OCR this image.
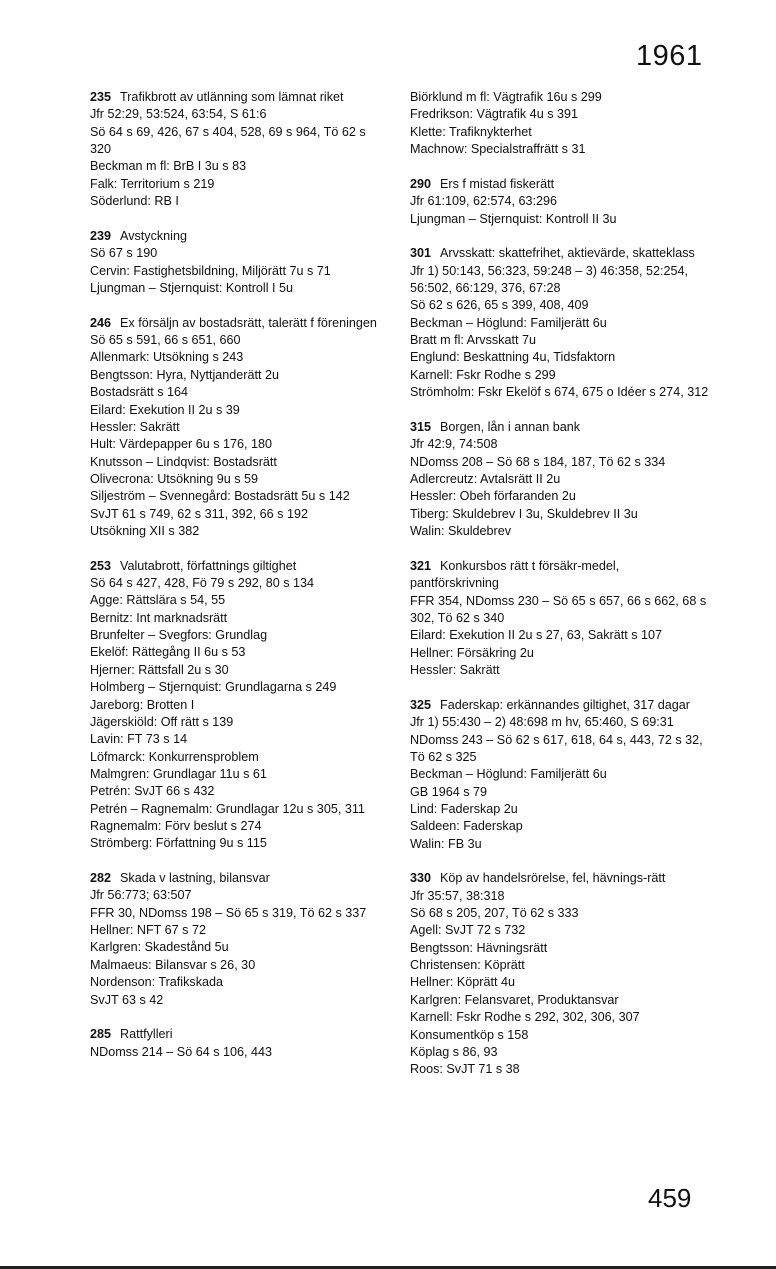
1961
235 Trafikbrott av utlänning som lämnat riket
Jfr 52:29, 53:524, 63:54, S 61:6
Sö 64 s 69, 426, 67 s 404, 528, 69 s 964, Tö 62 s 320
Beckman m fl: BrB I 3u s 83
Falk: Territorium s 219
Söderlund: RB I
239 Avstyckning
Sö 67 s 190
Cervin: Fastighetsbildning, Miljörätt 7u s 71
Ljungman – Stjernquist: Kontroll I 5u
246 Ex försäljn av bostadsrätt, talerätt f föreningen
Sö 65 s 591, 66 s 651, 660
Allenmark: Utsökning s 243
Bengtsson: Hyra, Nyttjanderätt 2u
Bostadsrätt s 164
Eilard: Exekution II 2u s 39
Hessler: Sakrätt
Hult: Värdepapper 6u s 176, 180
Knutsson – Lindqvist: Bostadsrätt
Olivecrona: Utsökning 9u s 59
Siljeström – Svennegård: Bostadsrätt 5u s 142
SvJT 61 s 749, 62 s 311, 392, 66 s 192
Utsökning XII s 382
253 Valutabrott, författnings giltighet
Sö 64 s 427, 428, Fö 79 s 292, 80 s 134
Agge: Rättslära s 54, 55
Bernitz: Int marknadsrätt
Brunfelter – Svegfors: Grundlag
Ekelöf: Rättegång II 6u s 53
Hjerner: Rättsfall 2u s 30
Holmberg – Stjernquist: Grundlagarna s 249
Jareborg: Brotten I
Jägerskiöld: Off rätt s 139
Lavin: FT 73 s 14
Löfmarck: Konkurrensproblem
Malmgren: Grundlagar 11u s 61
Petrén: SvJT 66 s 432
Petrén – Ragnemalm: Grundlagar 12u s 305, 311
Ragnemalm: Förv beslut s 274
Strömberg: Författning 9u s 115
282 Skada v lastning, bilansvar
Jfr 56:773; 63:507
FFR 30, NDomss 198 – Sö 65 s 319, Tö 62 s 337
Hellner: NFT 67 s 72
Karlgren: Skadestånd 5u
Malmaeus: Bilansvar s 26, 30
Nordenson: Trafikskada
SvJT 63 s 42
285 Rattfylleri
NDomss 214 – Sö 64 s 106, 443
Biörklund m fl: Vägtrafik 16u s 299
Fredrikson: Vägtrafik 4u s 391
Klette: Trafiknykterhet
Machnow: Specialstraffrätt s 31
290 Ers f mistad fiskerätt
Jfr 61:109, 62:574, 63:296
Ljungman – Stjernquist: Kontroll II 3u
301 Arvsskatt: skattefrihet, aktievärde, skatteklass
Jfr 1) 50:143, 56:323, 59:248 – 3) 46:358, 52:254, 56:502, 66:129, 376, 67:28
Sö 62 s 626, 65 s 399, 408, 409
Beckman – Höglund: Familjerätt 6u
Bratt m fl: Arvsskatt 7u
Englund: Beskattning 4u, Tidsfaktorn
Karnell: Fskr Rodhe s 299
Strömholm: Fskr Ekelöf s 674, 675 o Idéer s 274, 312
315 Borgen, lån i annan bank
Jfr 42:9, 74:508
NDomss 208 – Sö 68 s 184, 187, Tö 62 s 334
Adlercreutz: Avtalsrätt II 2u
Hessler: Obeh förfaranden 2u
Tiberg: Skuldebrev I 3u, Skuldebrev II 3u
Walin: Skuldebrev
321 Konkursbos rätt t försäkr-medel, pantförskrivning
FFR 354, NDomss 230 – Sö 65 s 657, 66 s 662, 68 s 302, Tö 62 s 340
Eilard: Exekution II 2u s 27, 63, Sakrätt s 107
Hellner: Försäkring 2u
Hessler: Sakrätt
325 Faderskap: erkännandes giltighet, 317 dagar
Jfr 1) 55:430 – 2) 48:698 m hv, 65:460, S 69:31
NDomss 243 – Sö 62 s 617, 618, 64 s, 443, 72 s 32, Tö 62 s 325
Beckman – Höglund: Familjerätt 6u
GB 1964 s 79
Lind: Faderskap 2u
Saldeen: Faderskap
Walin: FB 3u
330 Köp av handelsrörelse, fel, hävnings-rätt
Jfr 35:57, 38:318
Sö 68 s 205, 207, Tö 62 s 333
Agell: SvJT 72 s 732
Bengtsson: Hävningsrätt
Christensen: Köprätt
Hellner: Köprätt 4u
Karlgren: Felansvaret, Produktansvar
Karnell: Fskr Rodhe s 292, 302, 306, 307
Konsumentköp s 158
Köplag s 86, 93
Roos: SvJT 71 s 38
459
